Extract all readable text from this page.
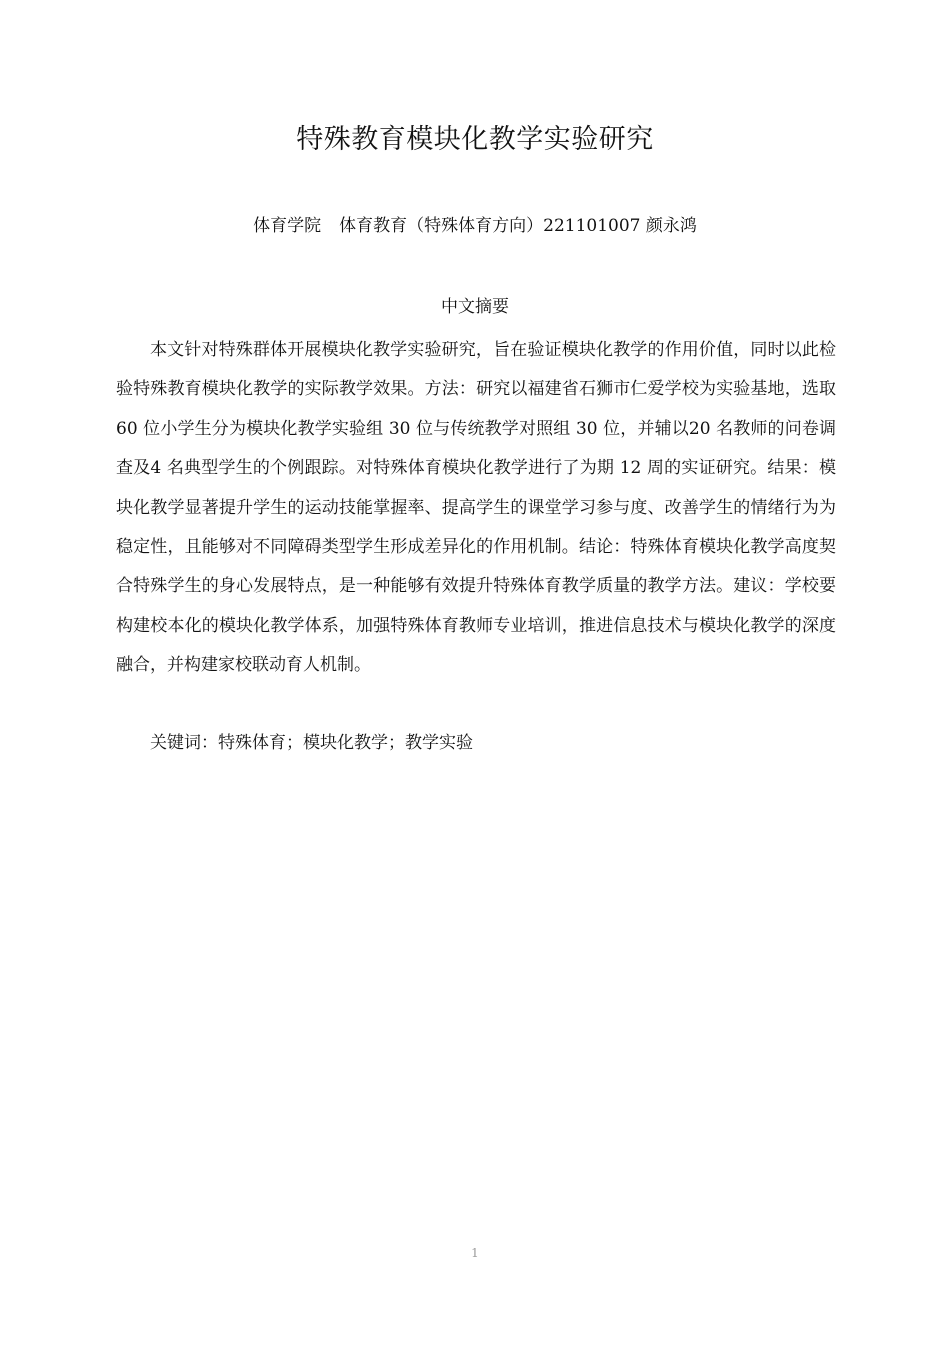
特殊教育模块化教学实验研究
体育学院 体育教育（特殊体育方向）221101007 颜永鸿
中文摘要

本文针对特殊群体开展模块化教学实验研究，旨在验证模块化教学的作用价值，同时以此检验特殊教育模块化教学的实际教学效果。方法：研究以福建省石狮市仁爱学校为实验基地，选取 60 位小学生分为模块化教学实验组 30 位与传统教学对照组 30 位，并辅以20 名教师的问卷调查及4 名典型学生的个例跟踪。对特殊体育模块化教学进行了为期 12 周的实证研究。结果：模块化教学显著提升学生的运动技能掌握率、提高学生的课堂学习参与度、改善学生的情绪行为为稳定性，且能够对不同障碍类型学生形成差异化的作用机制。结论：特殊体育模块化教学高度契合特殊学生的身心发展特点，是一种能够有效提升特殊体育教学质量的教学方法。建议：学校要构建校本化的模块化教学体系，加强特殊体育教师专业培训，推进信息技术与模块化教学的深度融合，并构建家校联动育人机制。

关键词：特殊体育；模块化教学；教学实验
1
